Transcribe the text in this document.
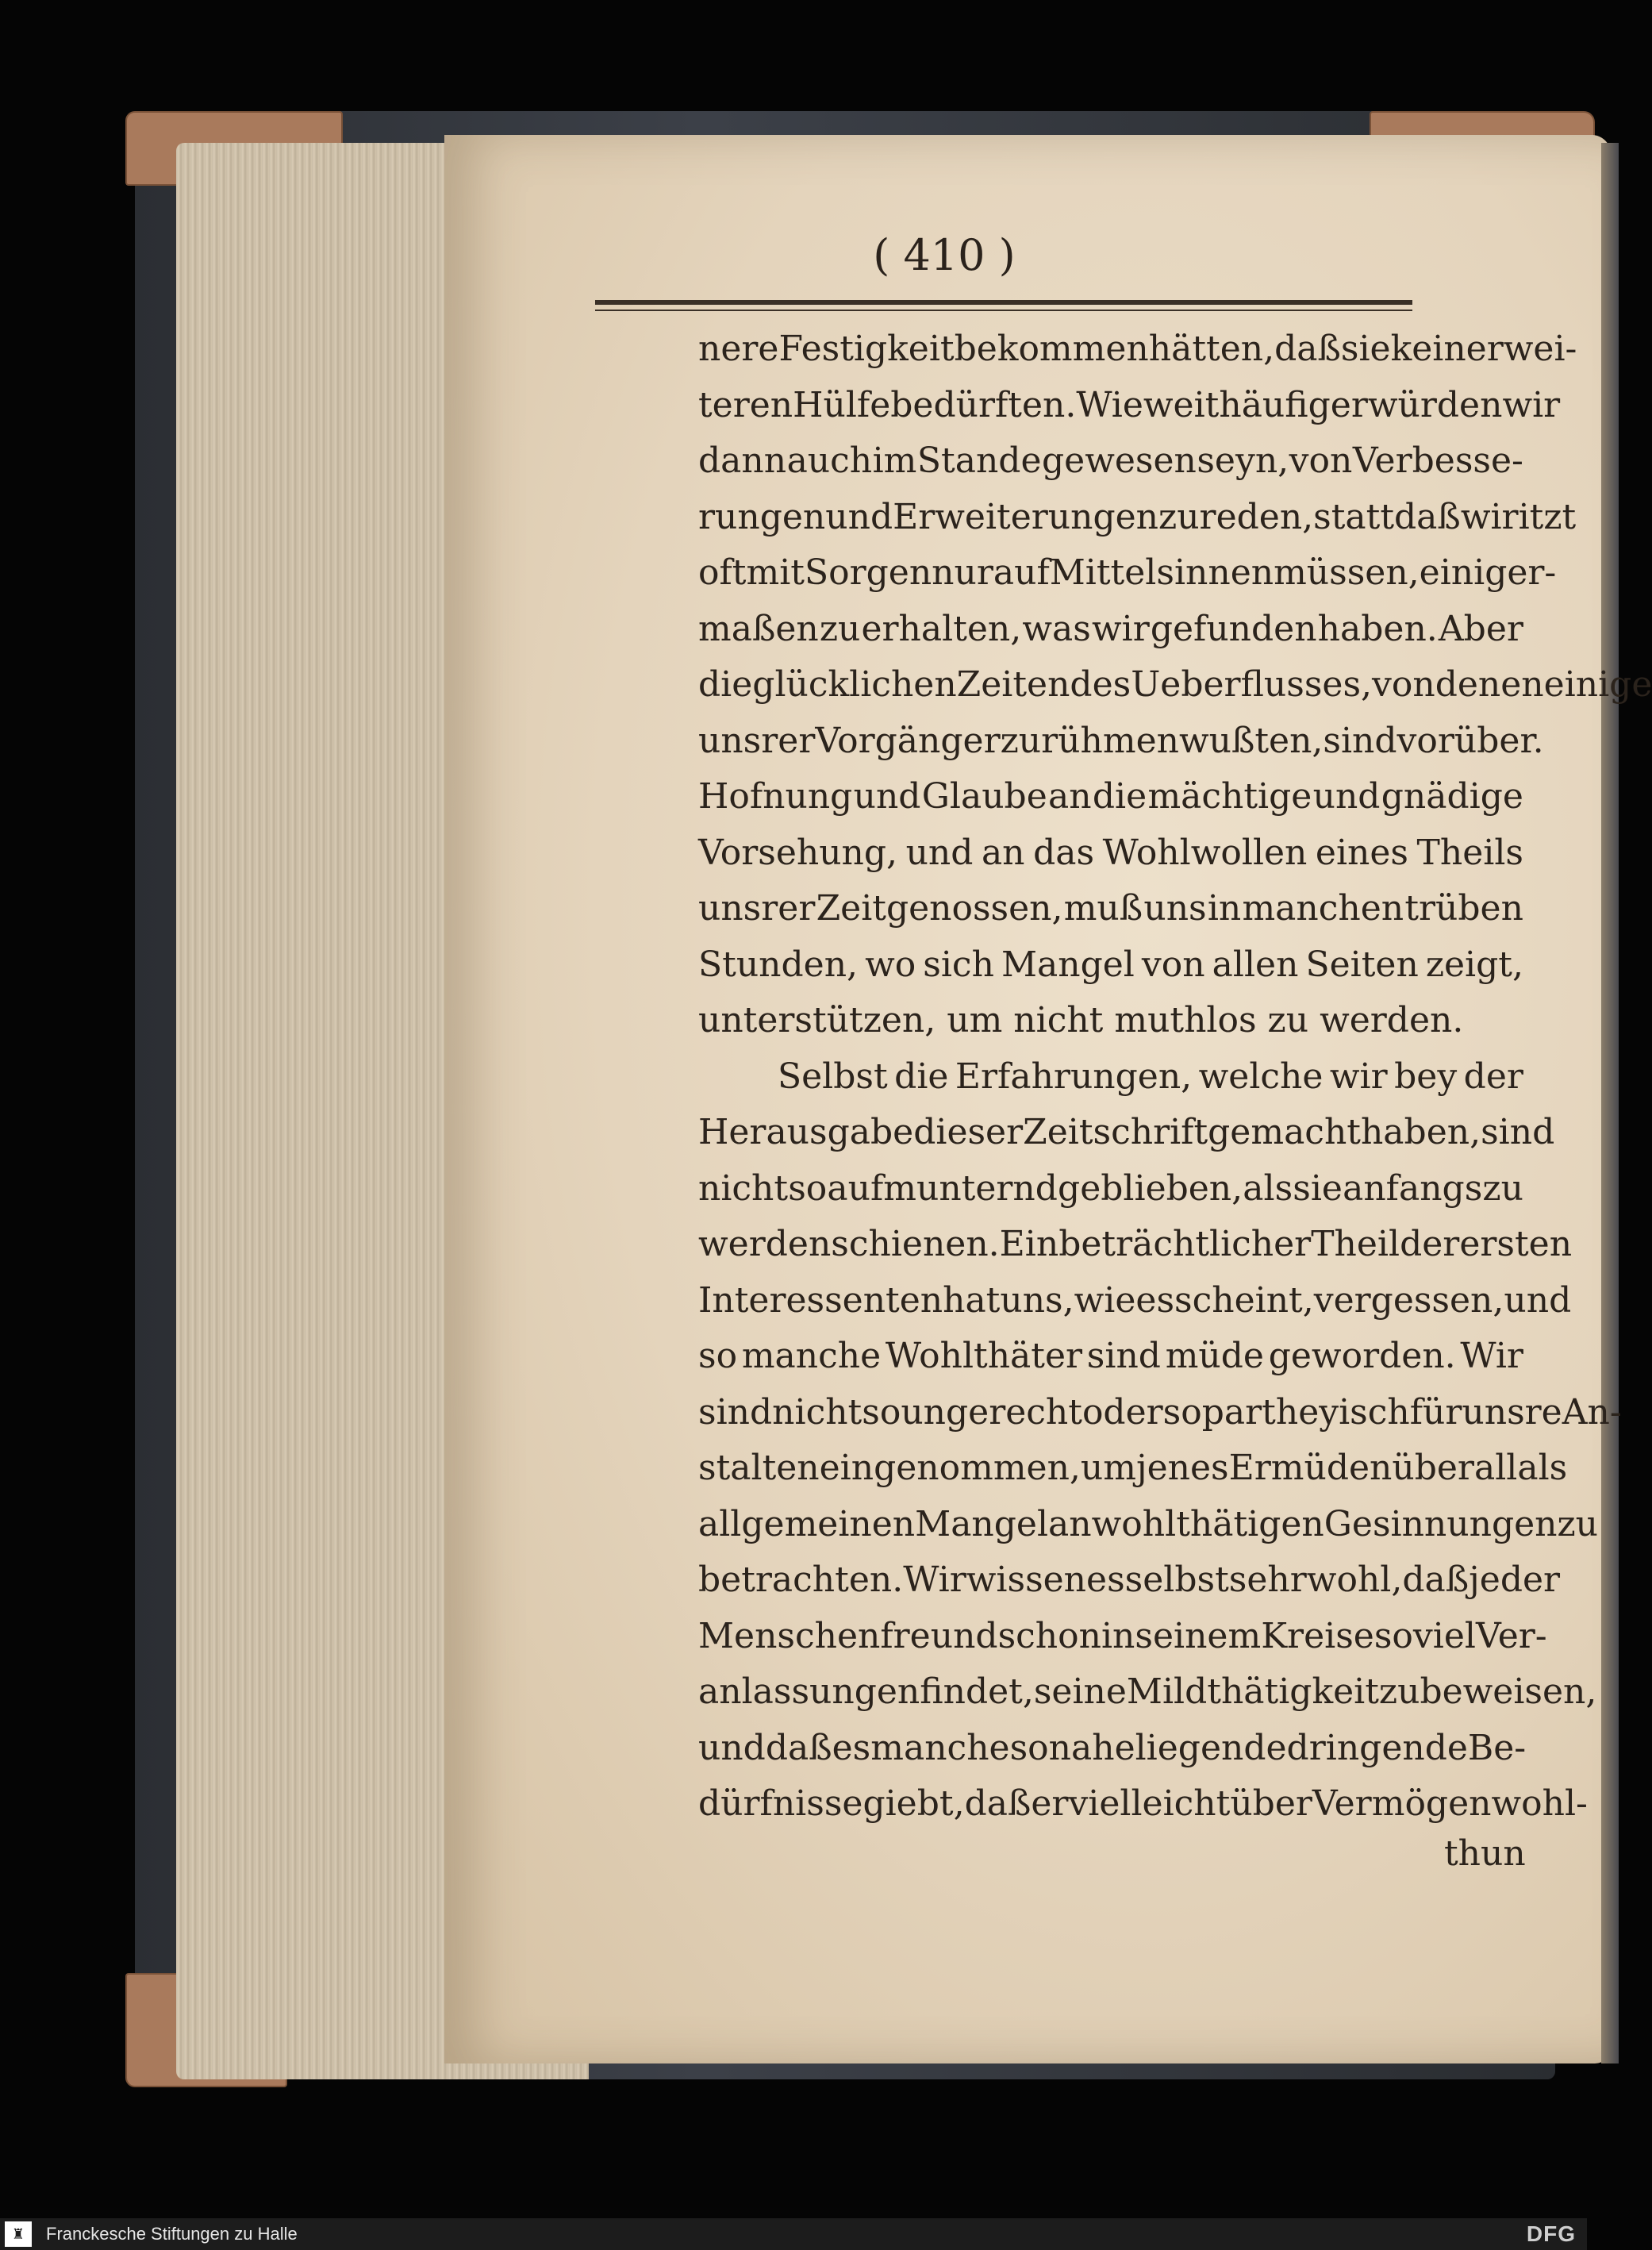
( 410 )
nere Festigkeit bekommen hätten, daß sie keiner wei-
teren Hülfe bedürften. Wie weit häufiger würden wir
dann auch im Stande gewesen seyn, von Verbesse-
rungen und Erweiterungen zu reden, statt daß wir itzt
oft mit Sorgen nur auf Mittel sinnen müssen, einiger-
maßen zu erhalten, was wir gefunden haben. Aber
die glücklichen Zeiten des Ueberflusses, von denen einige
unsrer Vorgänger zu rühmen wußten, sind vorüber.
Hofnung und Glaube an die mächtige und gnädige
Vorsehung, und an das Wohlwollen eines Theils
unsrer Zeitgenossen, muß uns in manchen trüben
Stunden, wo sich Mangel von allen Seiten zeigt,
unterstützen, um nicht muthlos zu werden.
Selbst die Erfahrungen, welche wir bey der
Herausgabe dieser Zeitschrift gemacht haben, sind
nicht so aufmunternd geblieben, als sie anfangs zu
werden schienen. Ein beträchtlicher Theil der ersten
Interessenten hat uns, wie es scheint, vergessen, und
so manche Wohlthäter sind müde geworden. Wir
sind nicht so ungerecht oder so partheyisch für unsre An-
stalten eingenommen, um jenes Ermüden überall als
allgemeinen Mangel an wohlthätigen Gesinnungen zu
betrachten. Wir wissen es selbst sehr wohl, daß jeder
Menschenfreund schon in seinem Kreise so viel Ver-
anlassungen findet, seine Mildthätigkeit zu beweisen,
und daß es manche so nahe liegende dringende Be-
dürfnisse giebt, daß er vielleicht über Vermögen wohl-
thun
♜	Franckesche Stiftungen zu Halle	DFG
